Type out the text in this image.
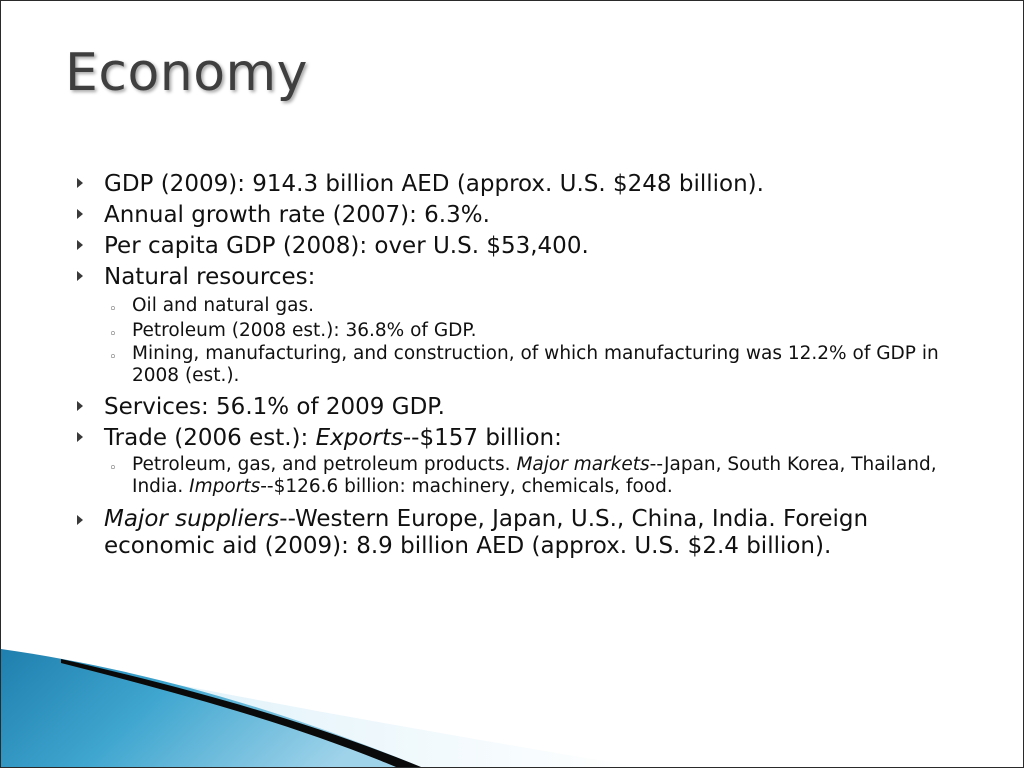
Economy
GDP (2009): 914.3 billion AED (approx. U.S. $248 billion).
Annual growth rate (2007): 6.3%.
Per capita GDP (2008): over U.S. $53,400.
Natural resources:
◦ Oil and natural gas.
◦ Petroleum (2008 est.): 36.8% of GDP.
◦ Mining, manufacturing, and construction, of which manufacturing was 12.2% of GDP in 2008 (est.).
Services: 56.1% of 2009 GDP.
Trade (2006 est.): Exports--$157 billion:
◦ Petroleum, gas, and petroleum products. Major markets--Japan, South Korea, Thailand, India. Imports--$126.6 billion: machinery, chemicals, food.
Major suppliers--Western Europe, Japan, U.S., China, India. Foreign economic aid (2009): 8.9 billion AED (approx. U.S. $2.4 billion).
